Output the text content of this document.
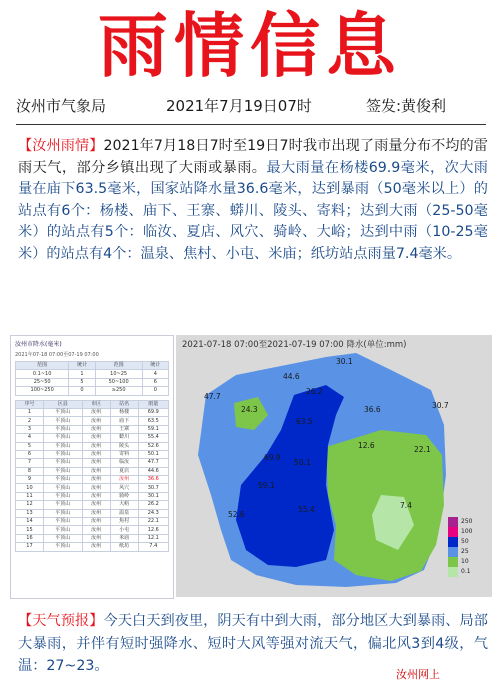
雨情信息
汝州市气象局	2021年7月19日07时	签发:黄俊利
【汝州雨情】2021年7月18日7时至19日7时我市出现了雨量分布不均的雷雨天气，部分乡镇出现了大雨或暴雨。最大雨量在杨楼69.9毫米，次大雨量在庙下63.5毫米，国家站降水量36.6毫米，达到暴雨（50毫米以上）的站点有6个：杨楼、庙下、王寨、蟒川、陵头、寄料；达到大雨（25-50毫米）的站点有5个：临汝、夏店、风穴、骑岭、大峪；达到中雨（10-25毫米）的站点有4个：温泉、焦村、小屯、米庙；纸坊站点雨量7.4毫米。
汝州市降水(毫米)
2021年07-18 07:00至07-19 07:00
范围	统计	范围	统计
0.1~10	1	10~25	4
25~50	5	50~100	6
100~250	0	≥250	0
序号	区县	市区	站名	雨量
1	平顶山	汝州	杨楼	69.9
2	平顶山	汝州	庙下	63.5
3	平顶山	汝州	王寨	59.1
4	平顶山	汝州	蟒川	55.4
5	平顶山	汝州	陵头	52.6
6	平顶山	汝州	寄料	50.1
7	平顶山	汝州	临汝	47.7
8	平顶山	汝州	夏店	44.6
9	平顶山	汝州	汝州	36.6
10	平顶山	汝州	风穴	30.7
11	平顶山	汝州	骑岭	30.1
12	平顶山	汝州	大峪	26.2
13	平顶山	汝州	温泉	24.3
14	平顶山	汝州	焦村	22.1
15	平顶山	汝州	小屯	12.6
16	平顶山	汝州	米庙	12.1
17	平顶山	汝州	纸坊	7.4
2021-07-18 07:00至2021-07-19 07:00 降水(单位:mm)
30.1
44.6
47.7
24.3
63.5
26.2
36.6	30.7
69.9
50.1
12.6	22.1
59.1
52.6
55.4	7.4
250
100
50
25
10
0.1
【天气预报】今天白天到夜里，阴天有中到大雨，部分地区大到暴雨、局部大暴雨，并伴有短时强降水、短时大风等强对流天气，偏北风3到4级，气温：27~23。
汝州网上
